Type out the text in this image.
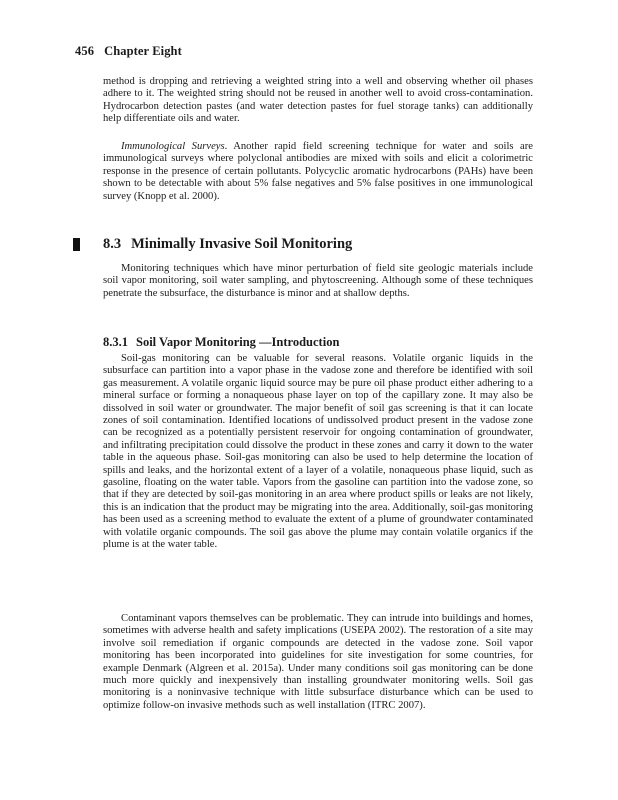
456 Chapter Eight

method is dropping and retrieving a weighted string into a well and observing whether oil phases adhere to it. The weighted string should not be reused in another well to avoid cross-contamination. Hydrocarbon detection pastes (and water detection pastes for fuel storage tanks) can additionally help differentiate oils and water.

Immunological Surveys. Another rapid field screening technique for water and soils are immunological surveys where polyclonal antibodies are mixed with soils and elicit a colorimetric response in the presence of certain pollutants. Polycyclic aromatic hydrocarbons (PAHs) have been shown to be detectable with about 5% false negatives and 5% false positives in one immunological survey (Knopp et al. 2000).

8.3 Minimally Invasive Soil Monitoring

Monitoring techniques which have minor perturbation of field site geologic materials include soil vapor monitoring, soil water sampling, and phytoscreening. Although some of these techniques penetrate the subsurface, the disturbance is minor and at shallow depths.

8.3.1 Soil Vapor Monitoring —Introduction

Soil-gas monitoring can be valuable for several reasons. Volatile organic liquids in the subsurface can partition into a vapor phase in the vadose zone and therefore be identified with soil gas measurement. A volatile organic liquid source may be pure oil phase product either adhering to a mineral surface or forming a nonaqueous phase layer on top of the capillary zone. It may also be dissolved in soil water or groundwater. The major benefit of soil gas screening is that it can locate zones of soil contamination. Identified locations of undissolved product present in the vadose zone can be recognized as a potentially persistent reservoir for ongoing contamination of groundwater, and infiltrating precipitation could dissolve the product in these zones and carry it down to the water table in the aqueous phase. Soil-gas monitoring can also be used to help determine the location of spills and leaks, and the horizontal extent of a layer of a volatile, nonaqueous phase liquid, such as gasoline, floating on the water table. Vapors from the gasoline can partition into the vadose zone, so that if they are detected by soil-gas monitoring in an area where product spills or leaks are not likely, this is an indication that the product may be migrating into the area. Additionally, soil-gas monitoring has been used as a screening method to evaluate the extent of a plume of groundwater contaminated with volatile organic compounds. The soil gas above the plume may contain volatile organics if the plume is at the water table.

Contaminant vapors themselves can be problematic. They can intrude into buildings and homes, sometimes with adverse health and safety implications (USEPA 2002). The restoration of a site may involve soil remediation if organic compounds are detected in the vadose zone. Soil vapor monitoring has been incorporated into guidelines for site investigation for some countries, for example Denmark (Algreen et al. 2015a). Under many conditions soil gas monitoring can be done much more quickly and inexpensively than installing groundwater monitoring wells. Soil gas monitoring is a noninvasive technique with little subsurface disturbance which can be used to optimize follow-on invasive methods such as well installation (ITRC 2007).
